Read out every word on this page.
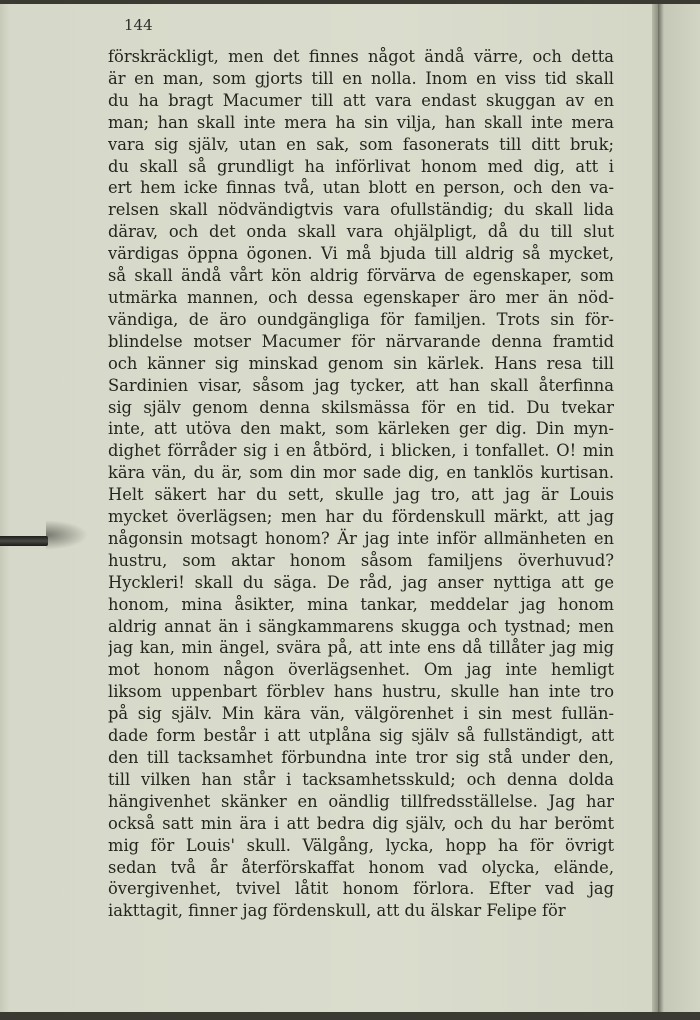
144
förskräckligt, men det finnes något ändå värre, och detta
är en man, som gjorts till en nolla. Inom en viss tid skall
du ha bragt Macumer till att vara endast skuggan av en
man; han skall inte mera ha sin vilja, han skall inte mera
vara sig själv, utan en sak, som fasonerats till ditt bruk;
du skall så grundligt ha införlivat honom med dig, att i
ert hem icke finnas två, utan blott en person, och den va-
relsen skall nödvändigtvis vara ofullständig; du skall lida
därav, och det onda skall vara ohjälpligt, då du till slut
värdigas öppna ögonen. Vi må bjuda till aldrig så mycket,
så skall ändå vårt kön aldrig förvärva de egenskaper, som
utmärka mannen, och dessa egenskaper äro mer än nöd-
vändiga, de äro oundgängliga för familjen. Trots sin för-
blindelse motser Macumer för närvarande denna framtid
och känner sig minskad genom sin kärlek. Hans resa till
Sardinien visar, såsom jag tycker, att han skall återfinna
sig själv genom denna skilsmässa för en tid. Du tvekar
inte, att utöva den makt, som kärleken ger dig. Din myn-
dighet förråder sig i en åtbörd, i blicken, i tonfallet. O! min
kära vän, du är, som din mor sade dig, en tanklös kurtisan.
Helt säkert har du sett, skulle jag tro, att jag är Louis
mycket överlägsen; men har du fördenskull märkt, att jag
någonsin motsagt honom? Är jag inte inför allmänheten en
hustru, som aktar honom såsom familjens överhuvud?
Hyckleri! skall du säga. De råd, jag anser nyttiga att ge
honom, mina åsikter, mina tankar, meddelar jag honom
aldrig annat än i sängkammarens skugga och tystnad; men
jag kan, min ängel, svära på, att inte ens då tillåter jag mig
mot honom någon överlägsenhet. Om jag inte hemligt
liksom uppenbart förblev hans hustru, skulle han inte tro
på sig själv. Min kära vän, välgörenhet i sin mest fullän-
dade form består i att utplåna sig själv så fullständigt, att
den till tacksamhet förbundna inte tror sig stå under den,
till vilken han står i tacksamhetsskuld; och denna dolda
hängivenhet skänker en oändlig tillfredsställelse. Jag har
också satt min ära i att bedra dig själv, och du har berömt
mig för Louis' skull. Välgång, lycka, hopp ha för övrigt
sedan två år återförskaffat honom vad olycka, elände,
övergivenhet, tvivel låtit honom förlora. Efter vad jag
iakttagit, finner jag fördenskull, att du älskar Felipe för
